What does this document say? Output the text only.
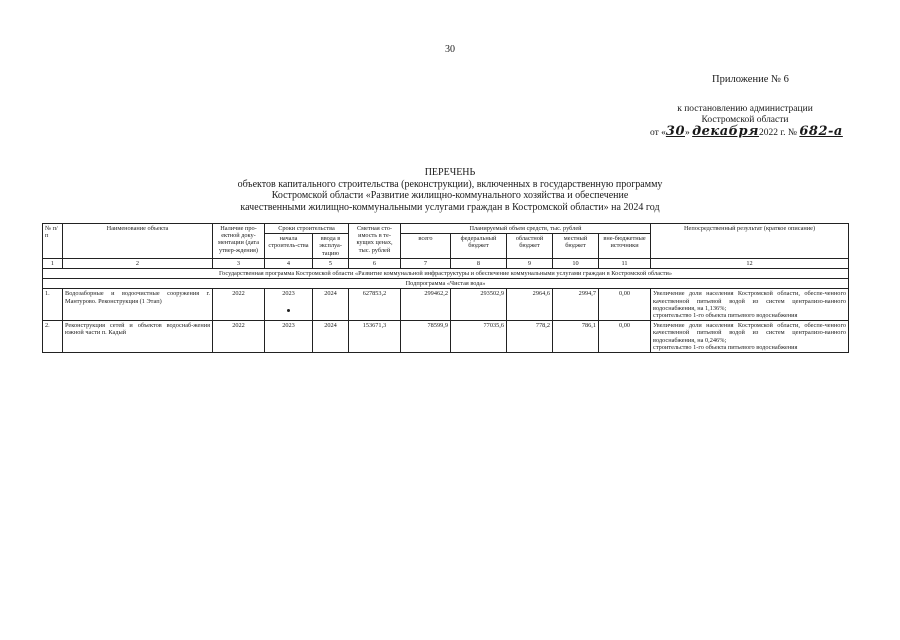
30
Приложение № 6
к постановлению администрации
Костромской области
от «30» декабря2022 г. № 682-а
ПЕРЕЧЕНЬ
объектов капитального строительства (реконструкции), включенных в государственную программу
Костромской области «Развитие жилищно-коммунального хозяйства и обеспечение
качественными жилищно-коммунальными услугами граждан в Костромской области» на 2024 год
№ п/п	Наименование объекта	Наличие про-ектной доку-ментации (дата утвер-ждения)	Сроки строительства		Сметная сто-имость в те-кущих ценах, тыс. рублей	Планируемый объем средств, тыс. рублей					Непосредственный результат (краткое описание)
			начала строитель-ства	ввода в эксплуа-тацию		всего	федеральный бюджет	областной бюджет	местный бюджет	вне-бюджетные источники	
1	2	3	4	5	6	7	8	9	10	11	12
Государственная программа Костромской области «Развитие коммунальной инфраструктуры и обеспечение коммунальными услугами граждан в Костромской области»											
Подпрограмма «Чистая вода»											
1.	Водозаборные и водоочистные сооружения г. Мантурово. Реконструкция (1 Этап)	2022	2023	2024	627853,2	299462,2	293502,9	2964,6	2994,7	0,00	Увеличение доли населения Костромской области, обеспе-ченного качественной питьевой водой из систем централизо-ванного водоснабжения, на 1,136%;
строительство 1-го объекта питьевого водоснабжения

2.	Реконструкция сетей и объектов водоснаб-жения южной части п. Кадый	2022	2023	2024	153671,3	78599,9	77035,6	778,2	786,1	0,00	Увеличение доли населения Костромской области, обеспе-ченного качественной питьевой водой из систем централизо-ванного водоснабжения, на 0,246%;
строительство 1-го объекта питьевого водоснабжения
